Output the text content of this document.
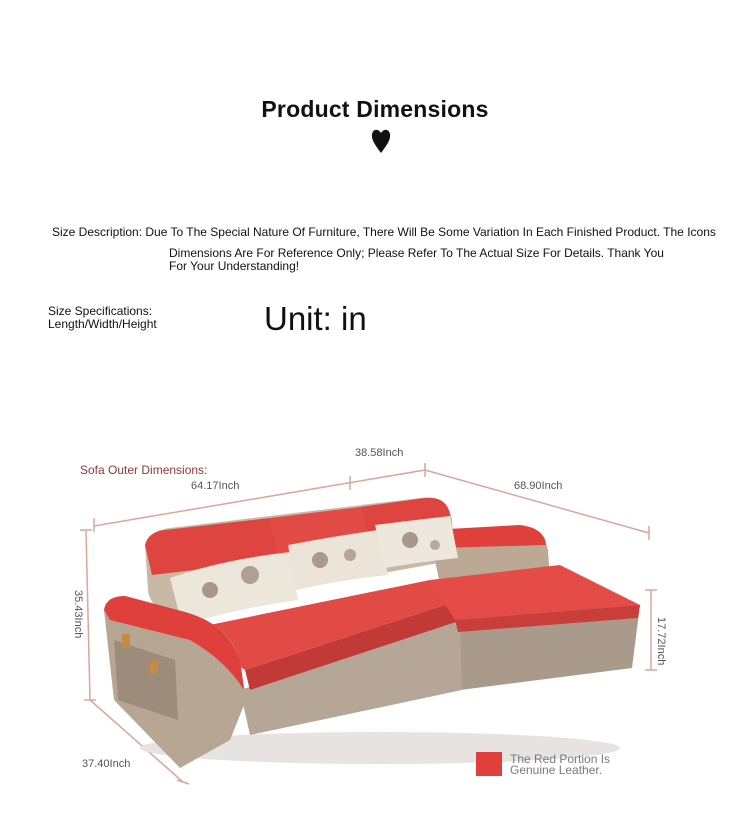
Product Dimensions
Size Description: Due To The Special Nature Of Furniture, There Will Be Some Variation In Each Finished Product. The Icons
Dimensions Are For Reference Only; Please Refer To The Actual Size For Details. Thank You
For Your Understanding!
Size Specifications:
Length/Width/Height	Unit: in
Sofa Outer Dimensions:
38.58Inch
64.17Inch	68.90Inch
35.43Inch
17.72Inch
37.40Inch	The Red Portion Is
Genuine Leather.
